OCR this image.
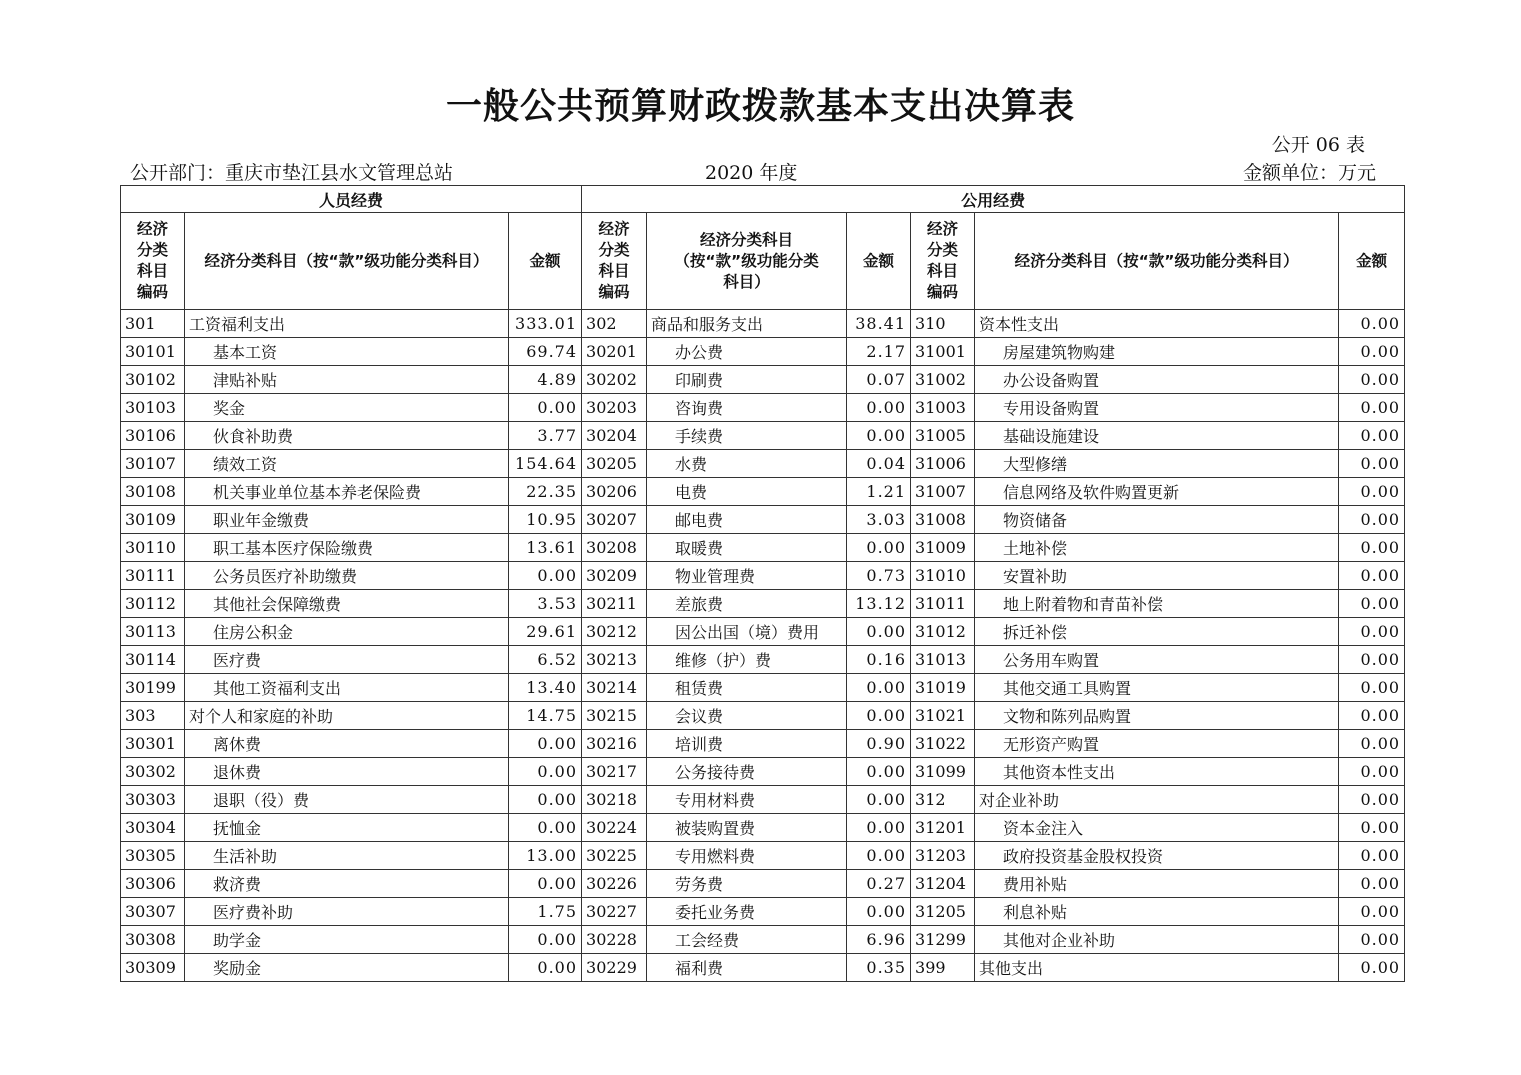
一般公共预算财政拨款基本支出决算表
公开 06 表
公开部门：重庆市垫江县水文管理总站	2020 年度	金额单位：万元
人员经费			公用经费					
经济分类科目编码	经济分类科目（按“款”级功能分类科目）	金额	经济分类科目编码	经济分类科目（按“款”级功能分类科目）	金额	经济分类科目编码	经济分类科目（按“款”级功能分类科目）	金额
301	工资福利支出	333.01	302	商品和服务支出	38.41	310	资本性支出	0.00
30101	基本工资	69.74	30201	办公费	2.17	31001	房屋建筑物购建	0.00
30102	津贴补贴	4.89	30202	印刷费	0.07	31002	办公设备购置	0.00
30103	奖金	0.00	30203	咨询费	0.00	31003	专用设备购置	0.00
30106	伙食补助费	3.77	30204	手续费	0.00	31005	基础设施建设	0.00
30107	绩效工资	154.64	30205	水费	0.04	31006	大型修缮	0.00
30108	机关事业单位基本养老保险费	22.35	30206	电费	1.21	31007	信息网络及软件购置更新	0.00
30109	职业年金缴费	10.95	30207	邮电费	3.03	31008	物资储备	0.00
30110	职工基本医疗保险缴费	13.61	30208	取暖费	0.00	31009	土地补偿	0.00
30111	公务员医疗补助缴费	0.00	30209	物业管理费	0.73	31010	安置补助	0.00
30112	其他社会保障缴费	3.53	30211	差旅费	13.12	31011	地上附着物和青苗补偿	0.00
30113	住房公积金	29.61	30212	因公出国（境）费用	0.00	31012	拆迁补偿	0.00
30114	医疗费	6.52	30213	维修（护）费	0.16	31013	公务用车购置	0.00
30199	其他工资福利支出	13.40	30214	租赁费	0.00	31019	其他交通工具购置	0.00
303	对个人和家庭的补助	14.75	30215	会议费	0.00	31021	文物和陈列品购置	0.00
30301	离休费	0.00	30216	培训费	0.90	31022	无形资产购置	0.00
30302	退休费	0.00	30217	公务接待费	0.00	31099	其他资本性支出	0.00
30303	退职（役）费	0.00	30218	专用材料费	0.00	312	对企业补助	0.00
30304	抚恤金	0.00	30224	被装购置费	0.00	31201	资本金注入	0.00
30305	生活补助	13.00	30225	专用燃料费	0.00	31203	政府投资基金股权投资	0.00
30306	救济费	0.00	30226	劳务费	0.27	31204	费用补贴	0.00
30307	医疗费补助	1.75	30227	委托业务费	0.00	31205	利息补贴	0.00
30308	助学金	0.00	30228	工会经费	6.96	31299	其他对企业补助	0.00
30309	奖励金	0.00	30229	福利费	0.35	399	其他支出	0.00
